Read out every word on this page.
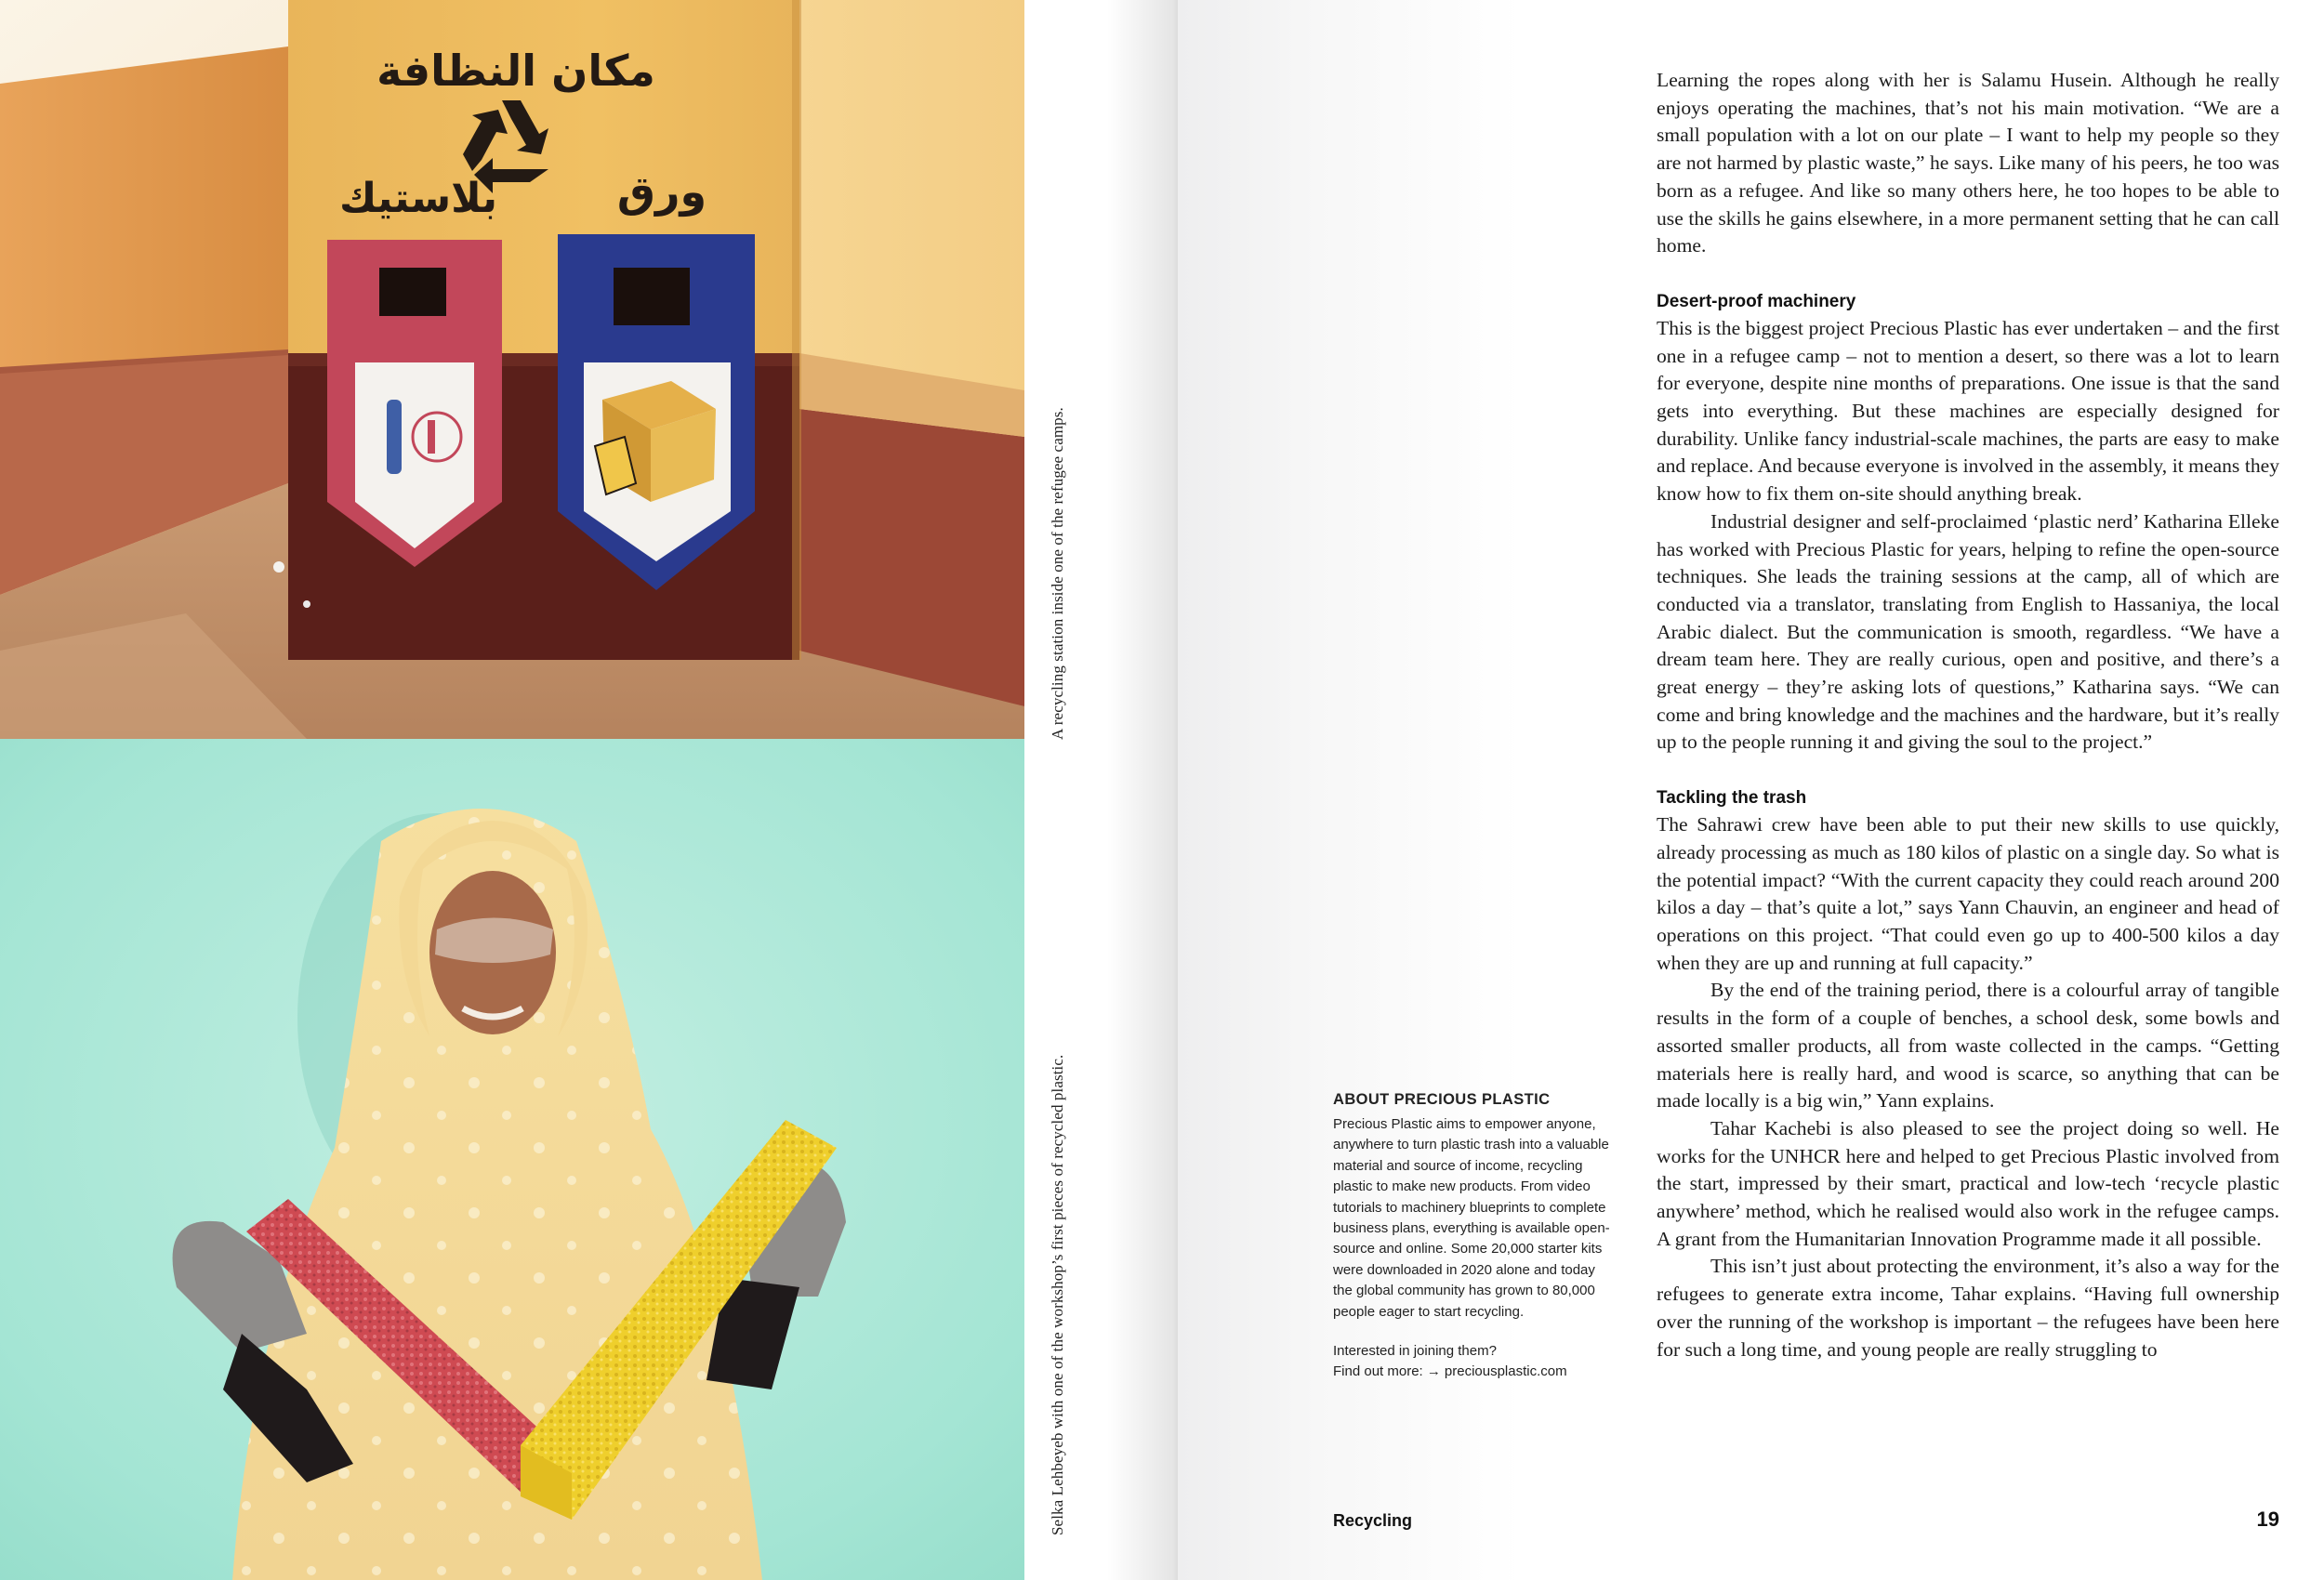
مكان النظافة
بلاستيك	ورق
A recycling station inside one of the refugee camps.
Selka Lehbeyeb with one of the workshop’s first pieces of recycled plastic.	ABOUT PRECIOUS PLASTIC

Precious Plastic aims to empower anyone, anywhere to turn plastic trash into a valuable material and source of income, recycling plastic to make new products. From video tutorials to machinery blueprints to complete business plans, everything is available open-source and online. Some 20,000 starter kits were downloaded in 2020 alone and today the global community has grown to 80,000 people eager to start recycling.

Interested in joining them?
Find out more: → preciousplastic.com

Learning the ropes along with her is Salamu Husein. Although he really enjoys operating the machines, that’s not his main motivation. “We are a small population with a lot on our plate – I want to help my people so they are not harmed by plastic waste,” he says. Like many of his peers, he too was born as a refugee. And like so many others here, he too hopes to be able to use the skills he gains elsewhere, in a more permanent setting that he can call home.

Desert-proof machinery

This is the biggest project Precious Plastic has ever undertaken – and the first one in a refugee camp – not to mention a desert, so there was a lot to learn for everyone, despite nine months of preparations. One issue is that the sand gets into everything. But these machines are especially designed for durability. Unlike fancy industrial-scale machines, the parts are easy to make and replace. And because everyone is involved in the assembly, it means they know how to fix them on-site should anything break.

Industrial designer and self-proclaimed ‘plastic nerd’ Katharina Elleke has worked with Precious Plastic for years, helping to refine the open-source techniques. She leads the training sessions at the camp, all of which are conducted via a translator, translating from English to Hassaniya, the local Arabic dialect. But the communication is smooth, regardless. “We have a dream team here. They are really curious, open and positive, and there’s a great energy – they’re asking lots of questions,” Katharina says. “We can come and bring knowledge and the machines and the hardware, but it’s really up to the people running it and giving the soul to the project.”

Tackling the trash

The Sahrawi crew have been able to put their new skills to use quickly, already processing as much as 180 kilos of plastic on a single day. So what is the potential impact? “With the current capacity they could reach around 200 kilos a day – that’s quite a lot,” says Yann Chauvin, an engineer and head of operations on this project. “That could even go up to 400-500 kilos a day when they are up and running at full capacity.”

By the end of the training period, there is a colourful array of tangible results in the form of a couple of benches, a school desk, some bowls and assorted smaller products, all from waste collected in the camps. “Getting materials here is really hard, and wood is scarce, so anything that can be made locally is a big win,” Yann explains.

Tahar Kachebi is also pleased to see the project doing so well. He works for the UNHCR here and helped to get Precious Plastic involved from the start, impressed by their smart, practical and low-tech ‘recycle plastic anywhere’ method, which he realised would also work in the refugee camps. A grant from the Humanitarian Innovation Programme made it all possible.

This isn’t just about protecting the environment, it’s also a way for the refugees to generate extra income, Tahar explains. “Having full ownership over the running of the workshop is important – the refugees have been here for such a long time, and young people are really struggling to

Recycling	19
